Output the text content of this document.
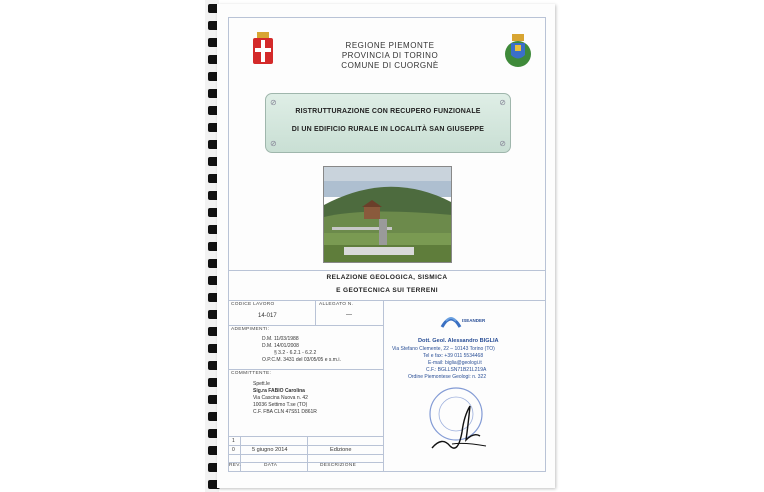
REGIONE PIEMONTE
PROVINCIA DI TORINO
COMUNE DI CUORGNÈ
RISTRUTTURAZIONE CON RECUPERO FUNZIONALE
DI UN EDIFICIO RURALE IN LOCALITÀ SAN GIUSEPPE
⊘	⊘
⊘	⊘
RELAZIONE GEOLOGICA, SISMICA
E GEOTECNICA SUI TERRENI
CODICE LAVORO
14-017
ALLEGATO N.
—
ADEMPIMENTI:
D.M. 11/03/1988
D.M. 14/01/2008
§ 3.2 - 6.2.1 - 6.2.2
O.P.C.M. 3431 del 03/05/05 e s.m.i.
COMMITTENTE:
Spett.le
Sig.ra FABIO Carolina
Via Cascina Nuova n. 42
10036 Settimo T.se (TO)
C.F. FBA CLN 47S51 D861R
1
0	5 giugno 2014	Edizione
REV.	DATA	DESCRIZIONE
ISEANDER
Dott. Geol. Alessandro BIGLIA
Via Stefano Clemente, 22 – 10143 Torino (TO)
Tel e fax: +39 011 5534468
E-mail: biglia@geologi.it
C.F.: BGLLSN71B21L219A
Ordine Piemontese Geologi: n. 322
